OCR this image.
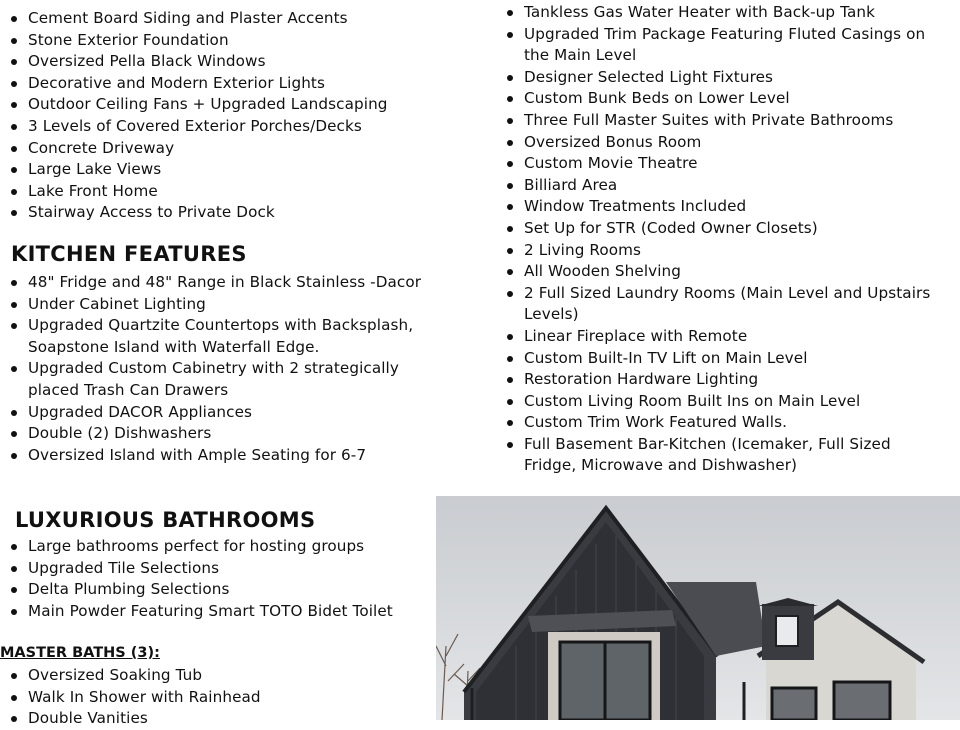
Cement Board Siding and Plaster Accents
Stone Exterior Foundation
Oversized Pella Black Windows
Decorative and Modern Exterior Lights
Outdoor Ceiling Fans + Upgraded Landscaping
3 Levels of Covered Exterior Porches/Decks
Concrete Driveway
Large Lake Views
Lake Front Home
Stairway Access to Private Dock
KITCHEN FEATURES
48" Fridge and 48" Range in Black Stainless -Dacor
Under Cabinet Lighting
Upgraded Quartzite Countertops with Backsplash, Soapstone Island with Waterfall Edge.
Upgraded Custom Cabinetry with 2 strategically placed Trash Can Drawers
Upgraded DACOR Appliances
Double (2) Dishwashers
Oversized Island with Ample Seating for 6-7
LUXURIOUS BATHROOMS
Large bathrooms perfect for hosting groups
Upgraded Tile Selections
Delta Plumbing Selections
Main Powder Featuring Smart TOTO Bidet Toilet

MASTER BATHS (3):

Oversized Soaking Tub
Walk In Shower with Rainhead
Double Vanities
Tankless Gas Water Heater with Back-up Tank
Upgraded Trim Package Featuring Fluted Casings on the Main Level
Designer Selected Light Fixtures
Custom Bunk Beds on Lower Level
Three Full Master Suites with Private Bathrooms
Oversized Bonus Room
Custom Movie Theatre
Billiard Area
Window Treatments Included
Set Up for STR (Coded Owner Closets)
2 Living Rooms
All Wooden Shelving
2 Full Sized Laundry Rooms (Main Level and Upstairs Levels)
Linear Fireplace with Remote
Custom Built-In TV Lift on Main Level
Restoration Hardware Lighting
Custom Living Room Built Ins on Main Level
Custom Trim Work Featured Walls.
Full Basement Bar-Kitchen (Icemaker, Full Sized Fridge, Microwave and Dishwasher)
